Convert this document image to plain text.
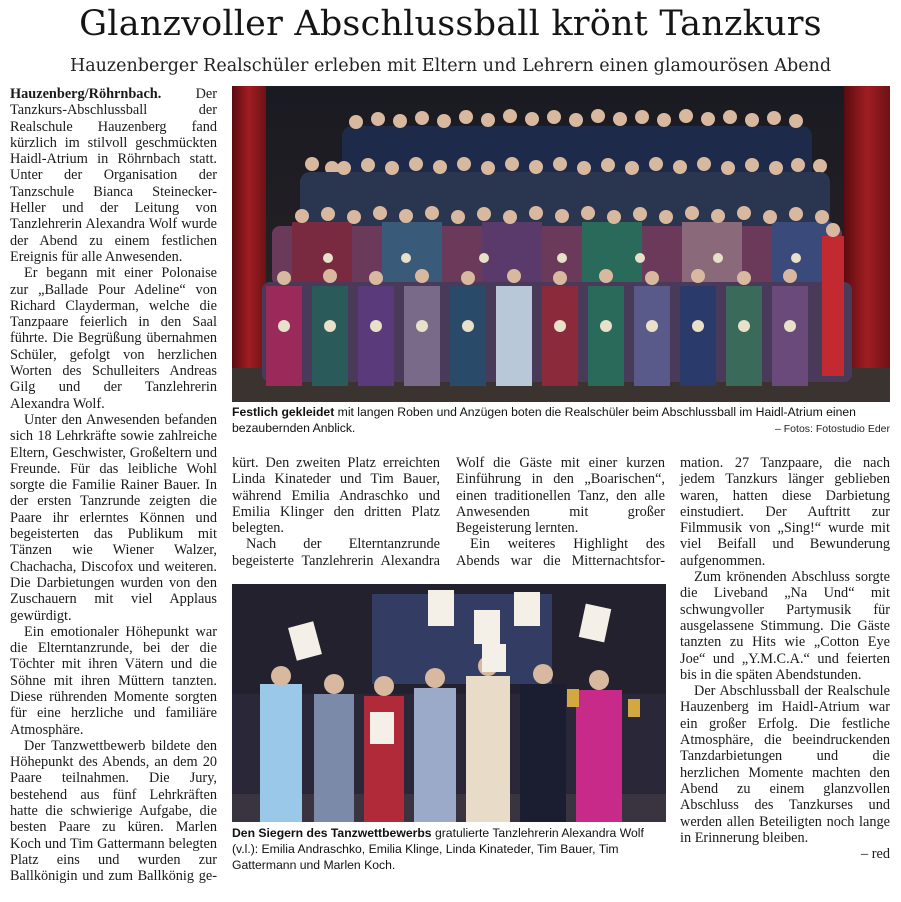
Glanzvoller Abschlussball krönt Tanzkurs
Hauzenberger Realschüler erleben mit Eltern und Lehrern einen glamourösen Abend

Hauzenberg/Röhrnbach. Der Tanzkurs-Abschlussball der Realschule Hauzenberg fand kürzlich im stilvoll geschmückten Haidl-Atrium in Röhrnbach statt. Unter der Organisation der Tanzschule Bianca Steinecker-Heller und der Leitung von Tanzlehrerin Alexandra Wolf wurde der Abend zu einem festlichen Ereignis für alle Anwesenden.

Er begann mit einer Polonaise zur „Ballade Pour Adeline“ von Richard Clayderman, welche die Tanzpaare feierlich in den Saal führte. Die Begrüßung übernahmen Schüler, gefolgt von herzlichen Worten des Schulleiters Andreas Gilg und der Tanzlehrerin Alexandra Wolf.

Unter den Anwesenden befanden sich 18 Lehrkräfte sowie zahlreiche Eltern, Geschwister, Großeltern und Freunde. Für das leibliche Wohl sorgte die Familie Rainer Bauer. In der ersten Tanzrunde zeigten die Paare ihr erlerntes Können und begeisterten das Publikum mit Tänzen wie Wiener Walzer, Chachacha, Discofox und weiteren. Die Darbietungen wurden von den Zuschauern mit viel Applaus gewürdigt.

Ein emotionaler Höhepunkt war die Elterntanzrunde, bei der die Töchter mit ihren Vätern und die Söhne mit ihren Müttern tanzten. Diese rührenden Momente sorgten für eine herzliche und familiäre Atmosphäre.

Der Tanzwettbewerb bildete den Höhepunkt des Abends, an dem 20 Paare teilnahmen. Die Jury, bestehend aus fünf Lehrkräften hatte die schwierige Aufgabe, die besten Paare zu küren. Marlen Koch und Tim Gattermann belegten Platz eins und wurden zur Ballkönigin und zum Ballkönig ge-

Festlich gekleidet mit langen Roben und Anzügen boten die Realschüler beim Abschlussball im Haidl-Atrium einen bezaubernden Anblick.	– Fotos: Fotostudio Eder

kürt. Den zweiten Platz erreichten Linda Kinateder und Tim Bauer, während Emilia Andraschko und Emilia Klinger den dritten Platz belegten.

Nach der Elterntanzrunde begeisterte Tanzlehrerin Alexandra

Wolf die Gäste mit einer kurzen Einführung in den „Boarischen“, einen traditionellen Tanz, den alle Anwesenden mit großer Begeisterung lernten.

Ein weiteres Highlight des Abends war die Mitternachtsfor-

Den Siegern des Tanzwettbewerbs gratulierte Tanzlehrerin Alexandra Wolf (v.l.): Emilia Andraschko, Emilia Klinge, Linda Kinateder, Tim Bauer, Tim Gattermann und Marlen Koch.

mation. 27 Tanzpaare, die nach jedem Tanzkurs länger geblieben waren, hatten diese Darbietung einstudiert. Der Auftritt zur Filmmusik von „Sing!“ wurde mit viel Beifall und Bewunderung aufgenommen.

Zum krönenden Abschluss sorgte die Liveband „Na Und“ mit schwungvoller Partymusik für ausgelassene Stimmung. Die Gäste tanzten zu Hits wie „Cotton Eye Joe“ und „Y.M.C.A.“ und feierten bis in die späten Abendstunden.

Der Abschlussball der Realschule Hauzenberg im Haidl-Atrium war ein großer Erfolg. Die festliche Atmosphäre, die beeindruckenden Tanzdarbietungen und die herzlichen Momente machten den Abend zu einem glanzvollen Abschluss des Tanzkurses und werden allen Beteiligten noch lange in Erinnerung bleiben.

– red
